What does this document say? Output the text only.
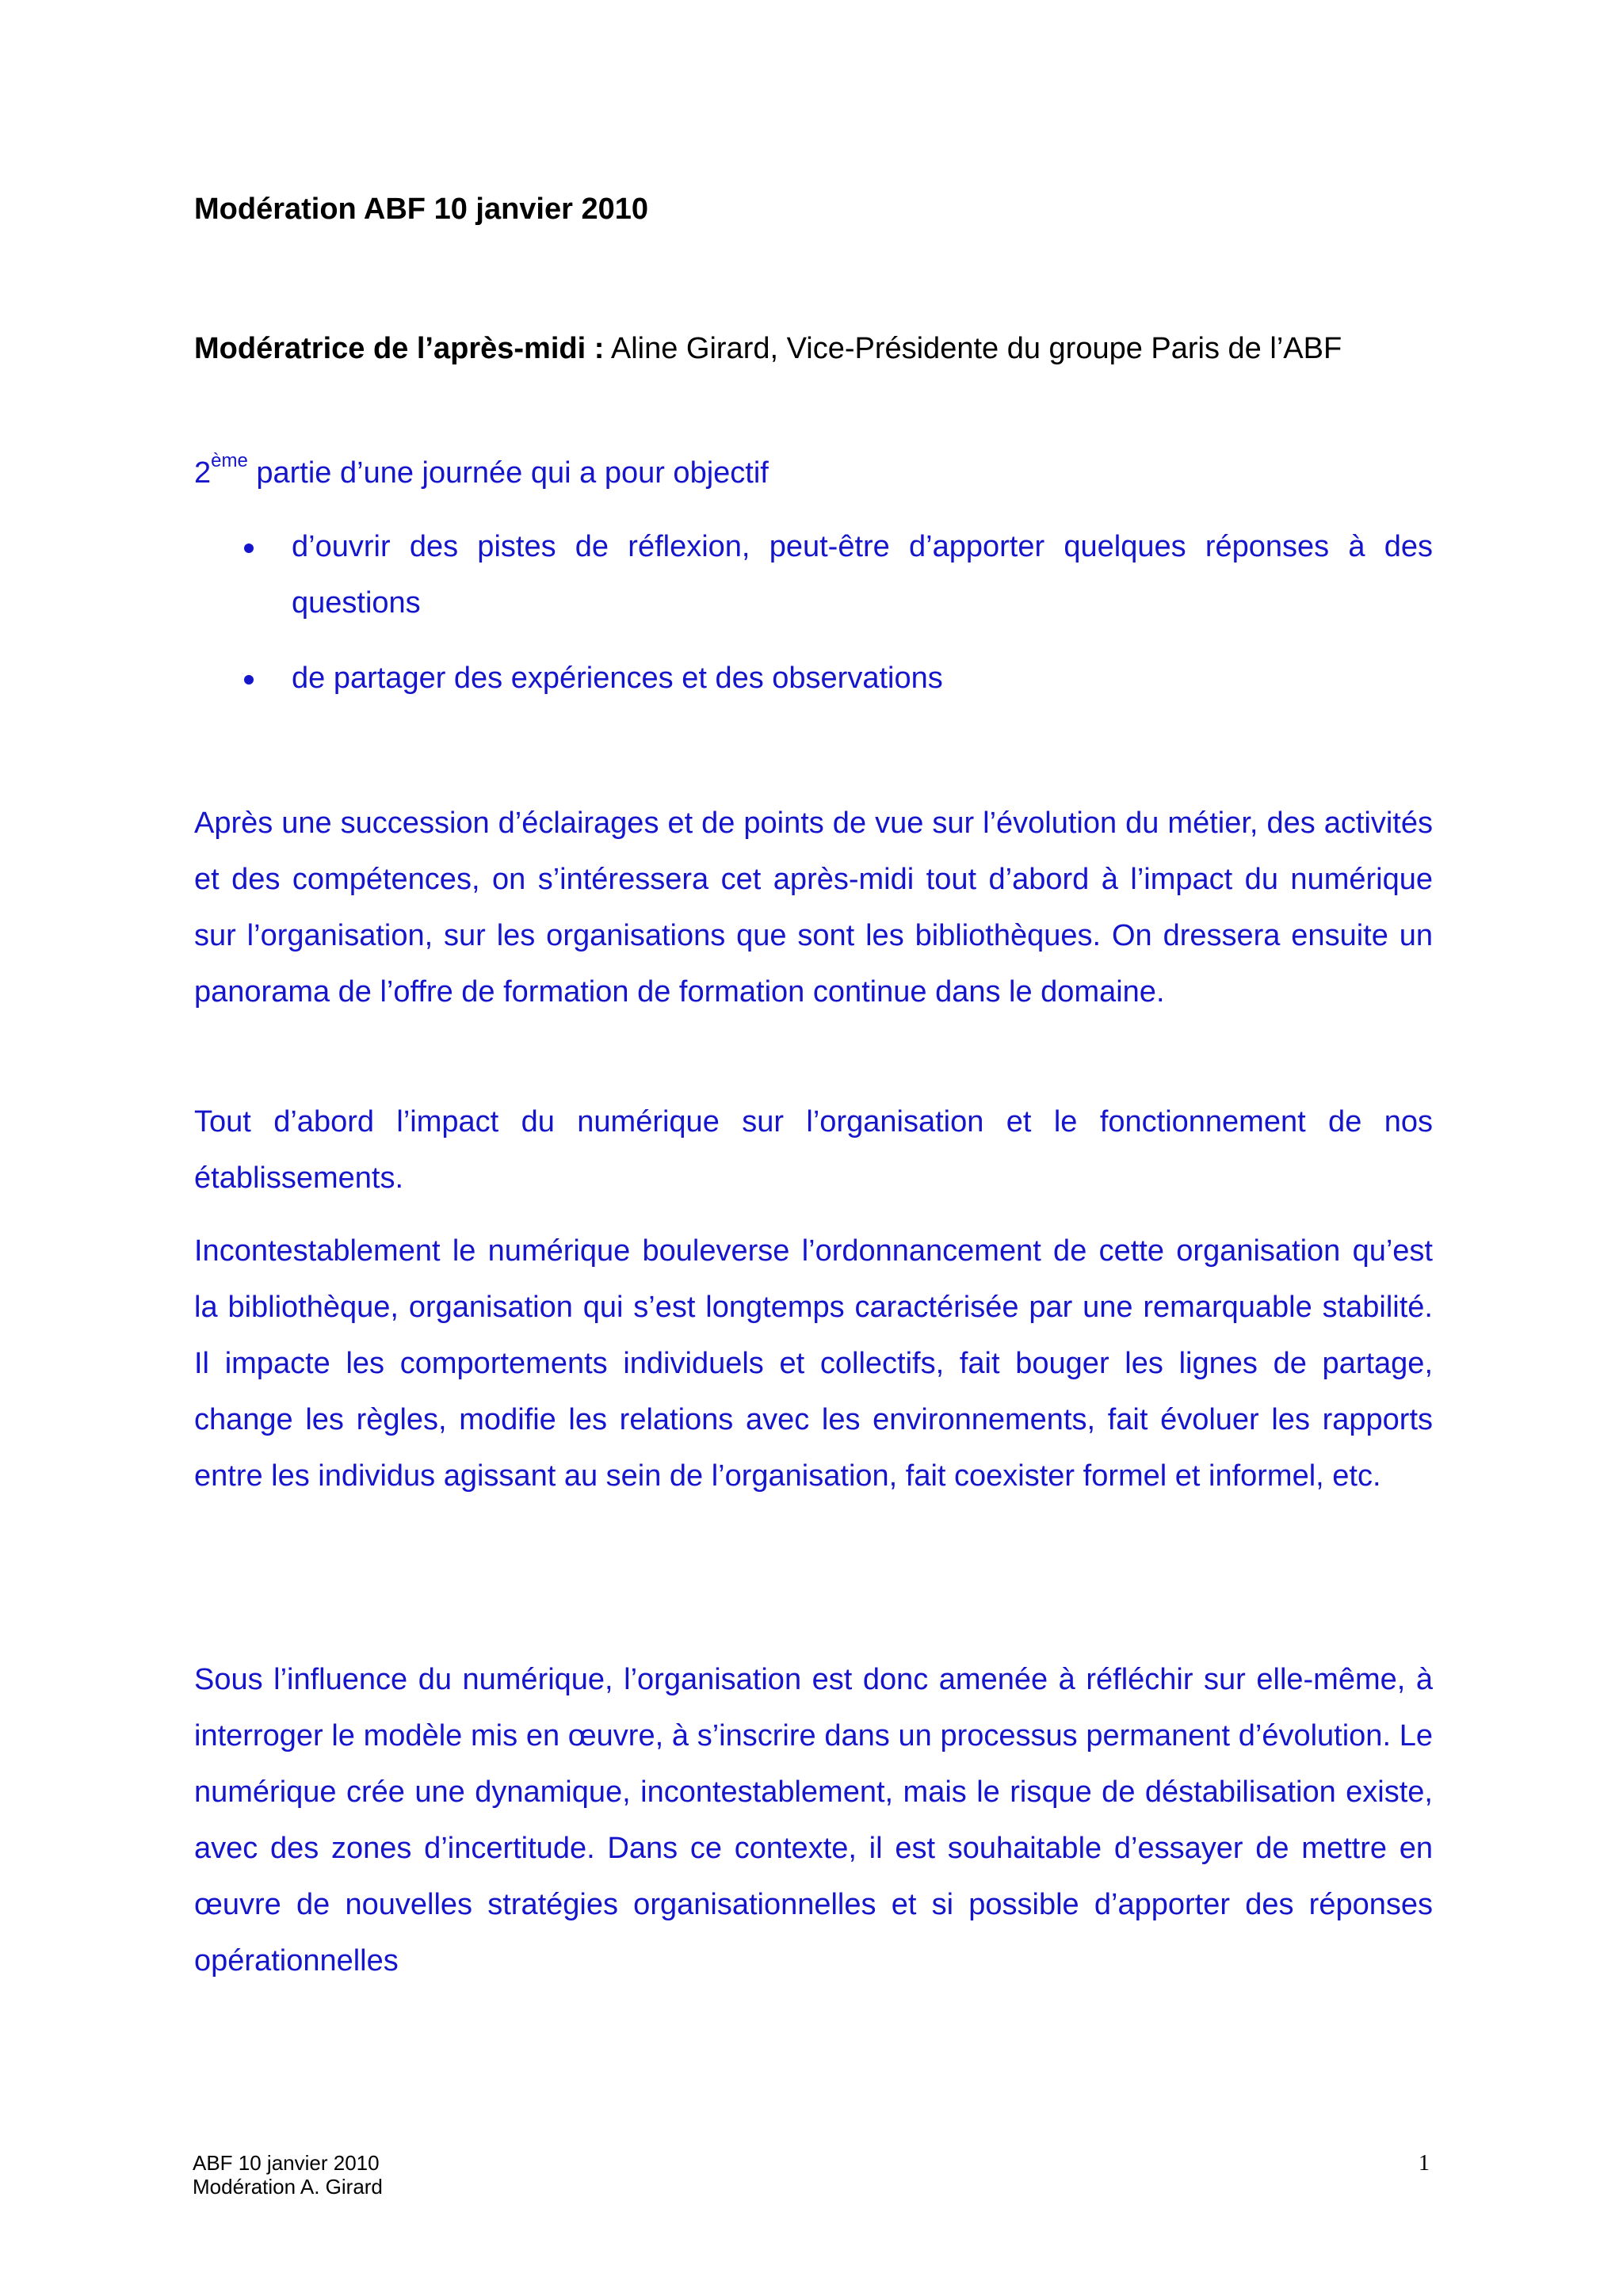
Modération ABF 10 janvier 2010

Modératrice de l’après-midi : Aline Girard, Vice-Présidente du groupe Paris de l’ABF

2ème partie d’une journée qui a pour objectif

d’ouvrir des pistes de réflexion, peut-être d’apporter quelques réponses à des questions
de partager des expériences et des observations

Après une succession d’éclairages et de points de vue sur l’évolution du métier, des activités et des compétences, on s’intéressera cet après-midi tout d’abord à l’impact du numérique sur l’organisation, sur les organisations que sont les bibliothèques. On dressera ensuite un panorama de l’offre de formation de formation continue dans le domaine.

Tout d’abord l’impact du numérique sur l’organisation et le fonctionnement de nos établissements.

Incontestablement le numérique bouleverse l’ordonnancement de cette organisation qu’est la bibliothèque, organisation qui s’est longtemps caractérisée par une remarquable stabilité. Il impacte les comportements individuels et collectifs, fait bouger les lignes de partage, change les règles, modifie les relations avec les environnements, fait évoluer les rapports entre les individus agissant au sein de l’organisation, fait coexister formel et informel, etc.

Sous l’influence du numérique, l’organisation est donc amenée à réfléchir sur elle-même, à interroger le modèle mis en œuvre, à s’inscrire dans un processus permanent d’évolution. Le numérique crée une dynamique, incontestablement, mais le risque de déstabilisation existe, avec des zones d’incertitude. Dans ce contexte, il est souhaitable d’essayer de mettre en œuvre de nouvelles stratégies organisationnelles et si possible d’apporter des réponses opérationnelles

ABF 10 janvier 2010
Modération A. Girard
1
